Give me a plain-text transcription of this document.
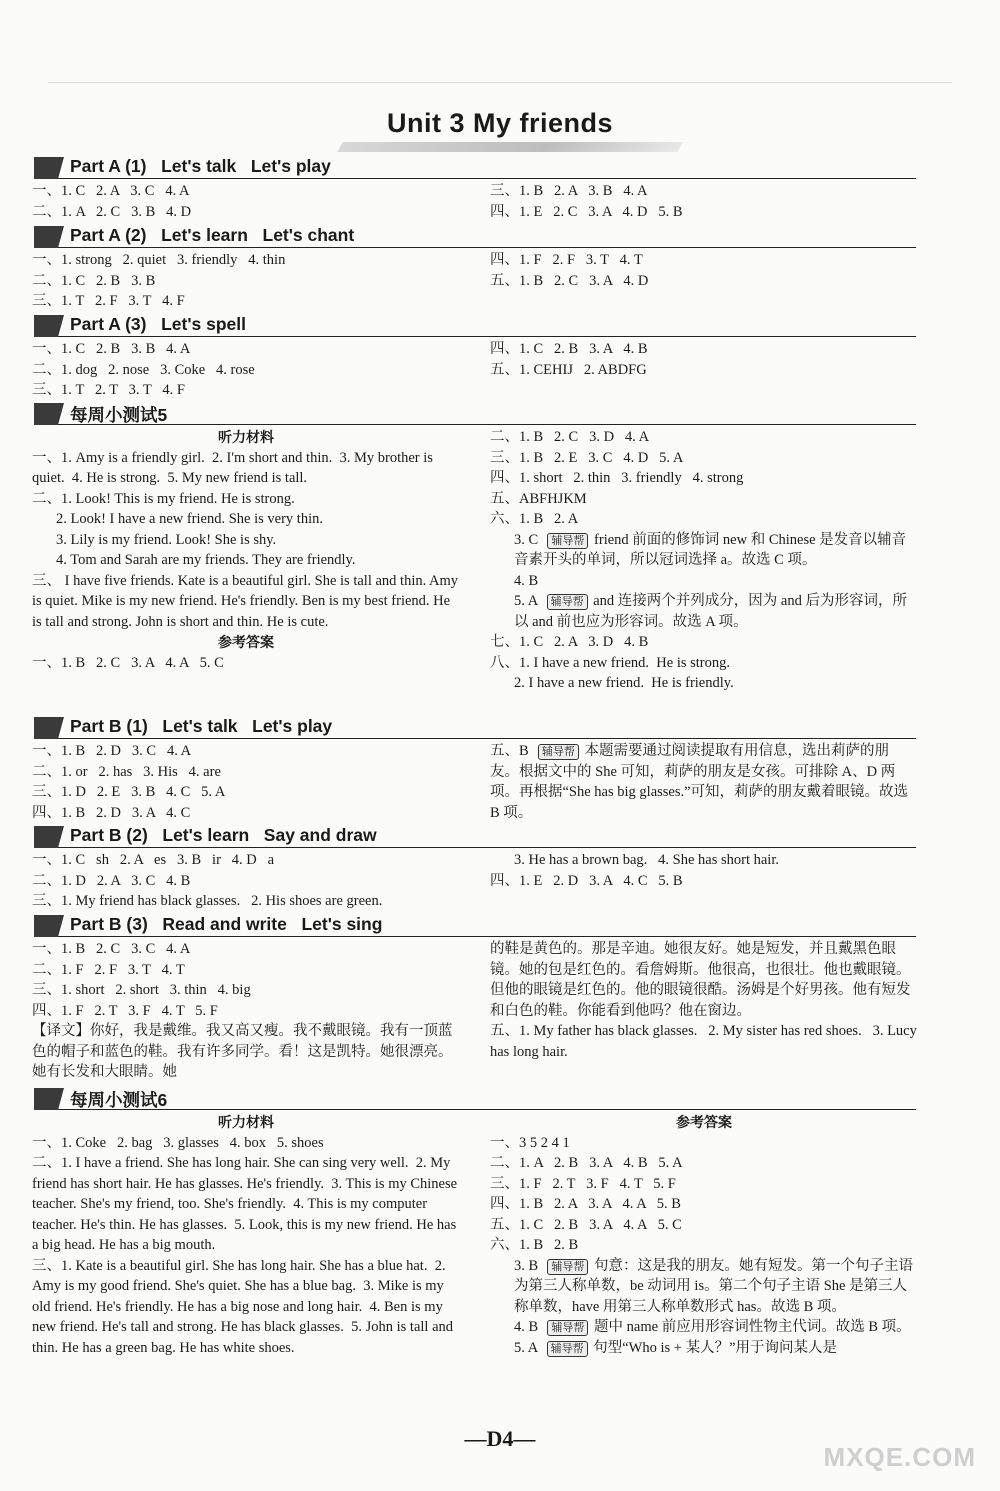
Unit 3 My friends
Part A (1)   Let's talk   Let's play
一、1. C   2. A   3. C   4. A
二、1. A   2. C   3. B   4. D
三、1. B   2. A   3. B   4. A
四、1. E   2. C   3. A   4. D   5. B
Part A (2)   Let's learn   Let's chant
一、1. strong   2. quiet   3. friendly   4. thin
二、1. C   2. B   3. B
三、1. T   2. F   3. T   4. F
四、1. F   2. F   3. T   4. T
五、1. B   2. C   3. A   4. D
Part A (3)   Let's spell
一、1. C   2. B   3. B   4. A
二、1. dog   2. nose   3. Coke   4. rose
三、1. T   2. T   3. T   4. F
四、1. C   2. B   3. A   4. B
五、1. CEHIJ   2. ABDFG
每周小测试5
听力材料
一、1. Amy is a friendly girl.  2. I'm short and thin.  3. My brother is quiet.  4. He is strong.  5. My new friend is tall.
二、1. Look! This is my friend. He is strong.
2. Look! I have a new friend. She is very thin.
3. Lily is my friend. Look! She is shy.
4. Tom and Sarah are my friends. They are friendly.
三、 I have five friends. Kate is a beautiful girl. She is tall and thin. Amy is quiet. Mike is my new friend. He's friendly. Ben is my best friend. He is tall and strong. John is short and thin. He is cute.
参考答案
一、1. B   2. C   3. A   4. A   5. C
二、1. B   2. C   3. D   4. A
三、1. B   2. E   3. C   4. D   5. A
四、1. short   2. thin   3. friendly   4. strong
五、ABFHJKM
六、1. B   2. A
3. C  辅导帮 friend 前面的修饰词 new 和 Chinese 是发音以辅音音素开头的单词，所以冠词选择 a。故选 C 项。
4. B
5. A  辅导帮 and 连接两个并列成分，因为 and 后为形容词，所以 and 前也应为形容词。故选 A 项。
七、1. C   2. A   3. D   4. B
八、1. I have a new friend.  He is strong.
2. I have a new friend.  He is friendly.
Part B (1)   Let's talk   Let's play
一、1. B   2. D   3. C   4. A
二、1. or   2. has   3. His   4. are
三、1. D   2. E   3. B   4. C   5. A
四、1. B   2. D   3. A   4. C
五、B  辅导帮 本题需要通过阅读提取有用信息，选出莉萨的朋友。根据文中的 She 可知，莉萨的朋友是女孩。可排除 A、D 两项。再根据“She has big glasses.”可知，莉萨的朋友戴着眼镜。故选 B 项。
Part B (2)   Let's learn   Say and draw
一、1. C   sh   2. A   es   3. B   ir   4. D   a
二、1. D   2. A   3. C   4. B
三、1. My friend has black glasses.   2. His shoes are green.
3. He has a brown bag.   4. She has short hair.
四、1. E   2. D   3. A   4. C   5. B
Part B (3)   Read and write   Let's sing
一、1. B   2. C   3. C   4. A
二、1. F   2. F   3. T   4. T
三、1. short   2. short   3. thin   4. big
四、1. F   2. T   3. F   4. T   5. F
【译文】你好，我是戴维。我又高又瘦。我不戴眼镜。我有一顶蓝色的帽子和蓝色的鞋。我有许多同学。看！这是凯特。她很漂亮。她有长发和大眼睛。她
的鞋是黄色的。那是辛迪。她很友好。她是短发，并且戴黑色眼镜。她的包是红色的。看詹姆斯。他很高，也很壮。他也戴眼镜。但他的眼镜是红色的。他的眼镜很酷。汤姆是个好男孩。他有短发和白色的鞋。你能看到他吗？他在窗边。
五、1. My father has black glasses.   2. My sister has red shoes.   3. Lucy has long hair.
每周小测试6
听力材料
一、1. Coke   2. bag   3. glasses   4. box   5. shoes
二、1. I have a friend. She has long hair. She can sing very well.  2. My friend has short hair. He has glasses. He's friendly.  3. This is my Chinese teacher. She's my friend, too. She's friendly.  4. This is my computer teacher. He's thin. He has glasses.  5. Look, this is my new friend. He has a big head. He has a big mouth.
三、1. Kate is a beautiful girl. She has long hair. She has a blue hat.  2. Amy is my good friend. She's quiet. She has a blue bag.  3. Mike is my old friend. He's friendly. He has a big nose and long hair.  4. Ben is my new friend. He's tall and strong. He has black glasses.  5. John is tall and thin. He has a green bag. He has white shoes.
参考答案
一、3 5 2 4 1
二、1. A   2. B   3. A   4. B   5. A
三、1. F   2. T   3. F   4. T   5. F
四、1. B   2. A   3. A   4. A   5. B
五、1. C   2. B   3. A   4. A   5. C
六、1. B   2. B
3. B  辅导帮 句意：这是我的朋友。她有短发。第一个句子主语为第三人称单数，be 动词用 is。第二个句子主语 She 是第三人称单数，have 用第三人称单数形式 has。故选 B 项。
4. B  辅导帮 题中 name 前应用形容词性物主代词。故选 B 项。
5. A  辅导帮 句型“Who is + 某人？”用于询问某人是
—D4—
MXQE.COM
